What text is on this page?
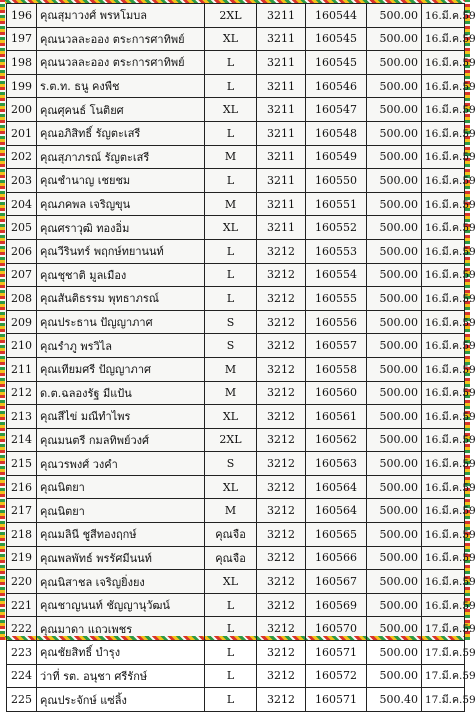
196	คุณสุมาวงศ์ พรหโมบล	2XL	3211	160544	500.00	16.มี.ค.59
197	คุณนวลละออง ตระการศาทิพย์	XL	3211	160545	500.00	16.มี.ค.59
198	คุณนวลละออง ตระการศาทิพย์	L	3211	160545	500.00	16.มี.ค.59
199	ร.ต.ท. ธนู คงพืช	L	3211	160546	500.00	16.มี.ค.59
200	คุณศุคนธ์ โนติยศ	XL	3211	160547	500.00	16.มี.ค.59
201	คุณอภิสิทธิ์ รัญตะเสรี	L	3211	160548	500.00	16.มี.ค.59
202	คุณสุภาภรณ์ รัญตะเสรี	M	3211	160549	500.00	16.มี.ค.59
203	คุณชำนาญ เชยชม	L	3211	160550	500.00	16.มี.ค.59
204	คุณภคพล เจริญขุน	M	3211	160551	500.00	16.มี.ค.59
205	คุณศราวุฒิ ทองอิ่ม	XL	3211	160552	500.00	16.มี.ค.59
206	คุณวีรินทร์ พฤกษ์ทยานนท์	L	3212	160553	500.00	16.มี.ค.59
207	คุณชุชาติ มูลเมือง	L	3212	160554	500.00	16.มี.ค.59
208	คุณสันติธรรม พุทธาภรณ์	L	3212	160555	500.00	16.มี.ค.59
209	คุณประธาน ปัญญาภาศ	S	3212	160556	500.00	16.มี.ค.59
210	คุณรำภู พรวิไล	S	3212	160557	500.00	16.มี.ค.59
211	คุณเทียมศรี ปัญญาภาศ	M	3212	160558	500.00	16.มี.ค.59
212	ด.ต.ฉลองรัฐ มีแป้น	M	3212	160560	500.00	16.มี.ค.59
213	คุณสีไข่ มณีทำไพร	XL	3212	160561	500.00	16.มี.ค.59
214	คุณมนตรี กมลทิพย์วงศ์	2XL	3212	160562	500.00	16.มี.ค.59
215	คุณวรพงศ์ วงคำ	S	3212	160563	500.00	16.มี.ค.59
216	คุณนิตยา	XL	3212	160564	500.00	16.มี.ค.59
217	คุณนิตยา	M	3212	160564	500.00	16.มี.ค.59
218	คุณมลินี ชูสีทองฤกษ์	คุณจือ	3212	160565	500.00	16.มี.ค.59
219	คุณพลพัทธ์ พรรัศมีนนท์	คุณจือ	3212	160566	500.00	16.มี.ค.59
220	คุณนิสาชล เจริญยิ่งยง	XL	3212	160567	500.00	16.มี.ค.59
221	คุณชาญนนท์ ชัญญานุวัฒน์	L	3212	160569	500.00	16.มี.ค.59
222	คุณมาดา แถวเพชร	L	3212	160570	500.00	17.มี.ค.59
223	คุณชัยสิทธิ์ บำรุง	L	3212	160571	500.00	17.มี.ค.59
224	ว่าที่ รต. อนุชา ศรีรักษ์	L	3212	160572	500.00	17.มี.ค.59
225	คุณประจักษ์ แซ่ลิ้ง	L	3212	160571	500.40	17.มี.ค.59
